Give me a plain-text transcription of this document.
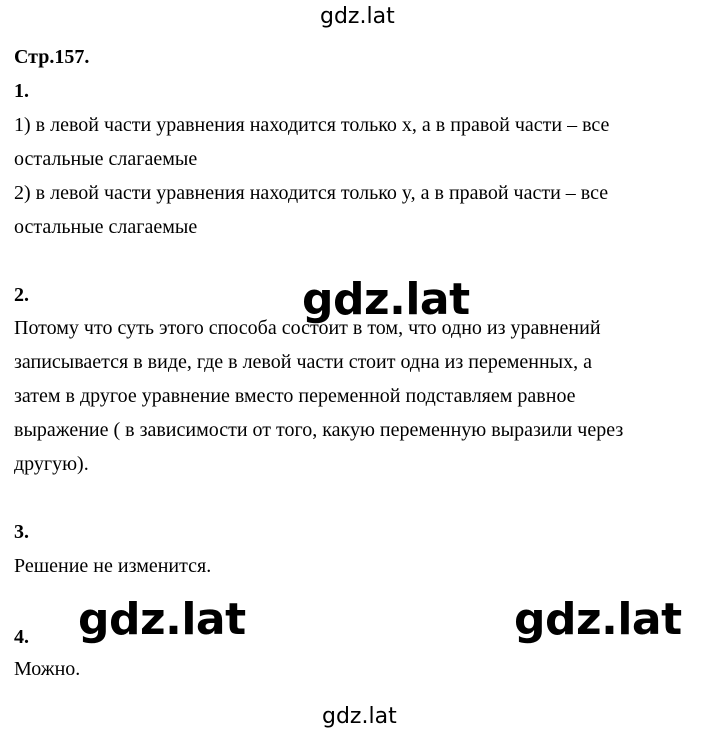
gdz.lat
gdz.lat
gdz.lat	gdz.lat
gdz.lat
Стр.157.
1.
1) в левой части уравнения находится только x, а в правой части – все
остальные слагаемые
2) в левой части уравнения находится только y, а в правой части – все
остальные слагаемые
2.
Потому что суть этого способа состоит в том, что одно из уравнений
записывается в виде, где в левой части стоит одна из переменных, а
затем в другое уравнение вместо переменной подставляем равное
выражение ( в зависимости от того, какую переменную выразили через
другую).
3.
Решение не изменится.
4.
Можно.
